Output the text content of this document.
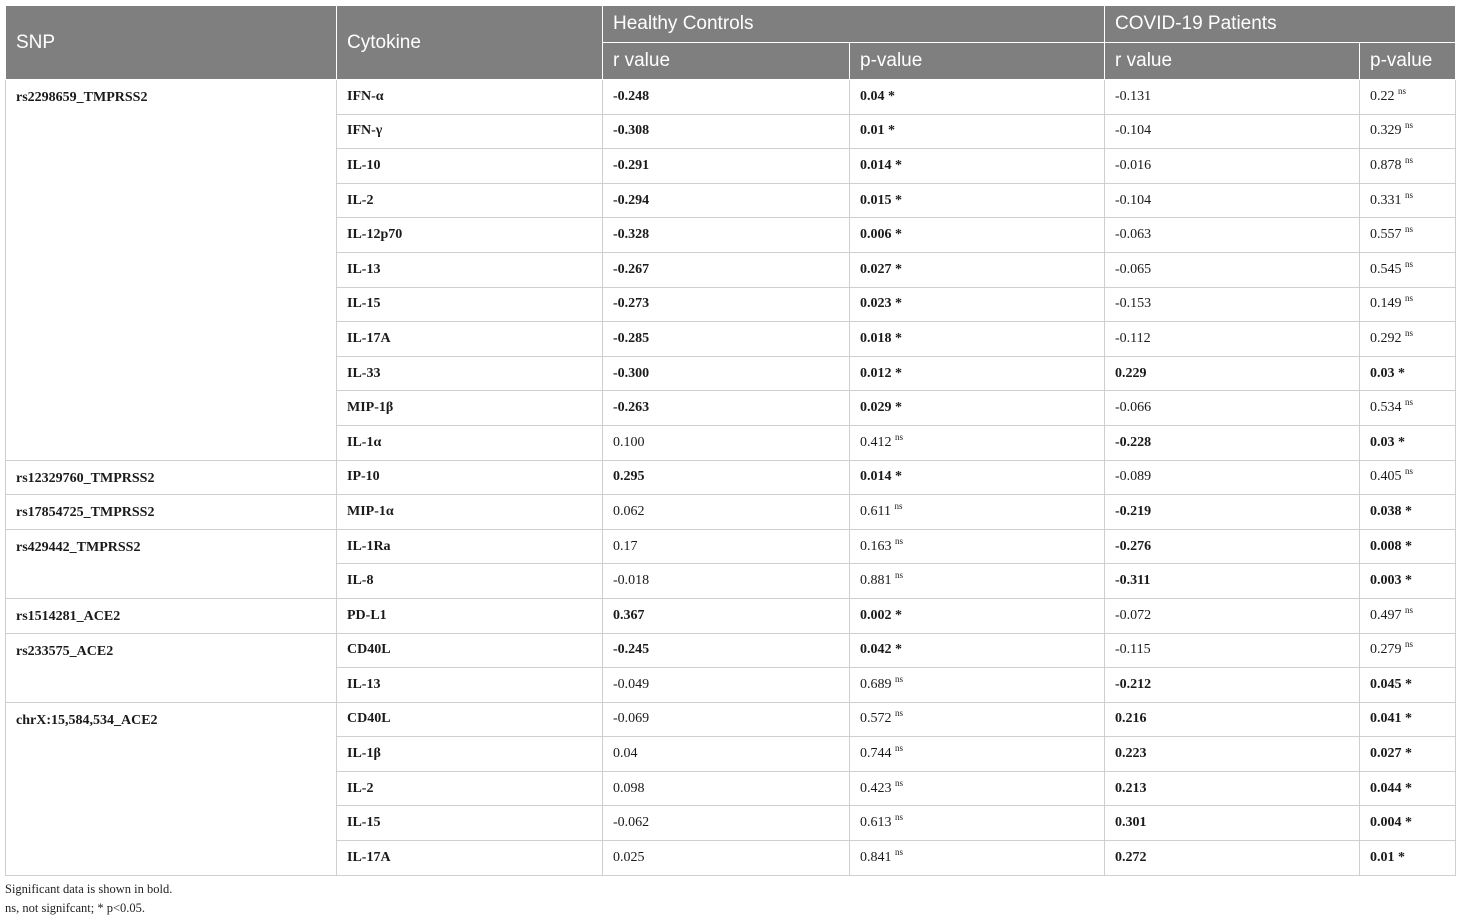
SNP	Cytokine	Healthy Controls		COVID-19 Patients	
		r value	p-value	r value	p-value
rs2298659_TMPRSS2	IFN-α	-0.248	0.04 *	-0.131	0.22 $^{ns}$
	IFN-γ	-0.308	0.01 *	-0.104	0.329 $^{ns}$
	IL-10	-0.291	0.014 *	-0.016	0.878 $^{ns}$
	IL-2	-0.294	0.015 *	-0.104	0.331 $^{ns}$
	IL-12p70	-0.328	0.006 *	-0.063	0.557 $^{ns}$
	IL-13	-0.267	0.027 *	-0.065	0.545 $^{ns}$
	IL-15	-0.273	0.023 *	-0.153	0.149 $^{ns}$
	IL-17A	-0.285	0.018 *	-0.112	0.292 $^{ns}$
	IL-33	-0.300	0.012 *	0.229	0.03 *
	MIP-1β	-0.263	0.029 *	-0.066	0.534 $^{ns}$
	IL-1α	0.100	0.412 $^{ns}$	-0.228	0.03 *
rs12329760_TMPRSS2	IP-10	0.295	0.014 *	-0.089	0.405 $^{ns}$
rs17854725_TMPRSS2	MIP-1α	0.062	0.611 $^{ns}$	-0.219	0.038 *
rs429442_TMPRSS2	IL-1Ra	0.17	0.163 $^{ns}$	-0.276	0.008 *
	IL-8	-0.018	0.881 $^{ns}$	-0.311	0.003 *
rs1514281_ACE2	PD-L1	0.367	0.002 *	-0.072	0.497 $^{ns}$
rs233575_ACE2	CD40L	-0.245	0.042 *	-0.115	0.279 $^{ns}$
	IL-13	-0.049	0.689 $^{ns}$	-0.212	0.045 *
chrX:15,584,534_ACE2	CD40L	-0.069	0.572 $^{ns}$	0.216	0.041 *
	IL-1β	0.04	0.744 $^{ns}$	0.223	0.027 *
	IL-2	0.098	0.423 $^{ns}$	0.213	0.044 *
	IL-15	-0.062	0.613 $^{ns}$	0.301	0.004 *
	IL-17A	0.025	0.841 $^{ns}$	0.272	0.01 *
Significant data is shown in bold.
ns, not signifcant; * p<0.05.
